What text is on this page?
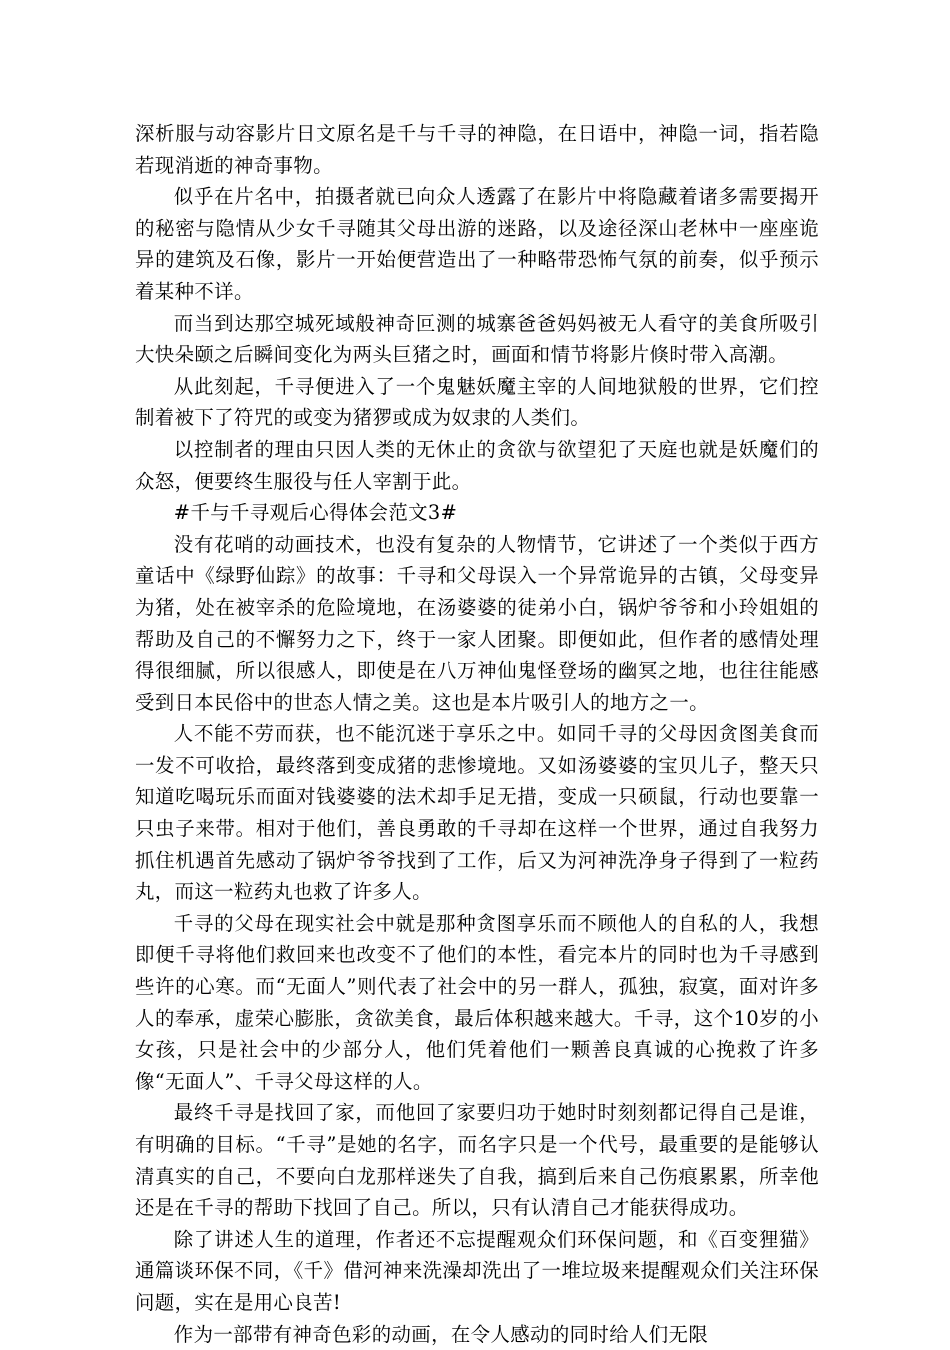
深析服与动容影片日文原名是千与千寻的神隐，在日语中，神隐一词，指若隐若现消逝的神奇事物。

似乎在片名中，拍摄者就已向众人透露了在影片中将隐藏着诸多需要揭开的秘密与隐情从少女千寻随其父母出游的迷路，以及途径深山老林中一座座诡异的建筑及石像，影片一开始便营造出了一种略带恐怖气氛的前奏，似乎预示着某种不详。

而当到达那空城死域般神奇叵测的城寨爸爸妈妈被无人看守的美食所吸引大快朵颐之后瞬间变化为两头巨猪之时，画面和情节将影片倏时带入高潮。

从此刻起，千寻便进入了一个鬼魅妖魔主宰的人间地狱般的世界，它们控制着被下了符咒的或变为猪猡或成为奴隶的人类们。

以控制者的理由只因人类的无休止的贪欲与欲望犯了天庭也就是妖魔们的众怒，便要终生服役与任人宰割于此。

#千与千寻观后心得体会范文3#

没有花哨的动画技术，也没有复杂的人物情节，它讲述了一个类似于西方童话中《绿野仙踪》的故事：千寻和父母误入一个异常诡异的古镇，父母变异为猪，处在被宰杀的危险境地，在汤婆婆的徒弟小白，锅炉爷爷和小玲姐姐的帮助及自己的不懈努力之下，终于一家人团聚。即便如此，但作者的感情处理得很细腻，所以很感人，即使是在八万神仙鬼怪登场的幽冥之地，也往往能感受到日本民俗中的世态人情之美。这也是本片吸引人的地方之一。

人不能不劳而获，也不能沉迷于享乐之中。如同千寻的父母因贪图美食而一发不可收拾，最终落到变成猪的悲惨境地。又如汤婆婆的宝贝儿子，整天只知道吃喝玩乐而面对钱婆婆的法术却手足无措，变成一只硕鼠，行动也要靠一只虫子来带。相对于他们，善良勇敢的千寻却在这样一个世界，通过自我努力抓住机遇首先感动了锅炉爷爷找到了工作，后又为河神洗净身子得到了一粒药丸，而这一粒药丸也救了许多人。

千寻的父母在现实社会中就是那种贪图享乐而不顾他人的自私的人，我想即便千寻将他们救回来也改变不了他们的本性，看完本片的同时也为千寻感到些许的心寒。而“无面人”则代表了社会中的另一群人，孤独，寂寞，面对许多人的奉承，虚荣心膨胀，贪欲美食，最后体积越来越大。千寻，这个10岁的小女孩，只是社会中的少部分人，他们凭着他们一颗善良真诚的心挽救了许多像“无面人”、千寻父母这样的人。

最终千寻是找回了家，而他回了家要归功于她时时刻刻都记得自己是谁，有明确的目标。“千寻”是她的名字，而名字只是一个代号，最重要的是能够认清真实的自己，不要向白龙那样迷失了自我，搞到后来自己伤痕累累，所幸他还是在千寻的帮助下找回了自己。所以，只有认清自己才能获得成功。

除了讲述人生的道理，作者还不忘提醒观众们环保问题，和《百变狸猫》通篇谈环保不同，《千》借河神来洗澡却洗出了一堆垃圾来提醒观众们关注环保问题，实在是用心良苦!

作为一部带有神奇色彩的动画，在令人感动的同时给人们无限
